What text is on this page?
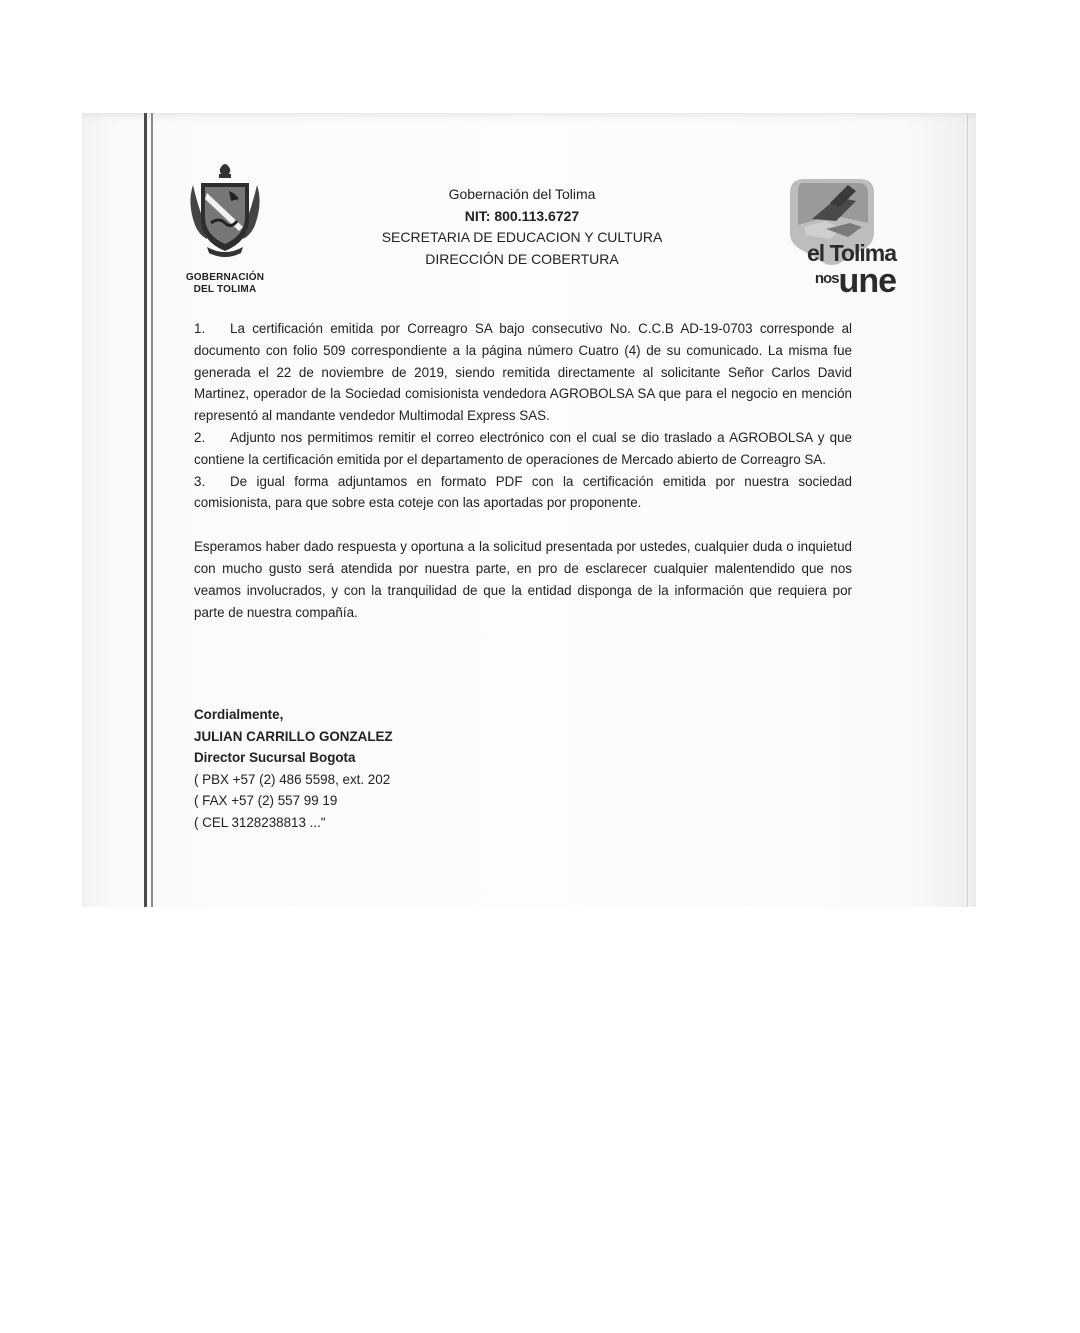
GOBERNACIÓN
DEL TOLIMA
Gobernación del Tolima
NIT: 800.113.6727
SECRETARIA DE EDUCACION Y CULTURA
DIRECCIÓN DE COBERTURA	el Tolima
nosune

1. La certificación emitida por Correagro SA bajo consecutivo No. C.C.B AD-19-0703 corresponde al documento con folio 509 correspondiente a la página número Cuatro (4) de su comunicado. La misma fue generada el 22 de noviembre de 2019, siendo remitida directamente al solicitante Señor Carlos David Martinez, operador de la Sociedad comisionista vendedora AGROBOLSA SA que para el negocio en mención representó al mandante vendedor Multimodal Express SAS.

2. Adjunto nos permitimos remitir el correo electrónico con el cual se dio traslado a AGROBOLSA y que contiene la certificación emitida por el departamento de operaciones de Mercado abierto de Correagro SA.

3. De igual forma adjuntamos en formato PDF con la certificación emitida por nuestra sociedad comisionista, para que sobre esta coteje con las aportadas por proponente.

Esperamos haber dado respuesta y oportuna a la solicitud presentada por ustedes, cualquier duda o inquietud con mucho gusto será atendida por nuestra parte, en pro de esclarecer cualquier malentendido que nos veamos involucrados, y con la tranquilidad de que la entidad disponga de la información que requiera por parte de nuestra compañía.

Cordialmente,
JULIAN CARRILLO GONZALEZ
Director Sucursal Bogota
( PBX +57 (2) 486 5598, ext. 202
( FAX +57 (2) 557 99 19
( CEL 3128238813 ..."
